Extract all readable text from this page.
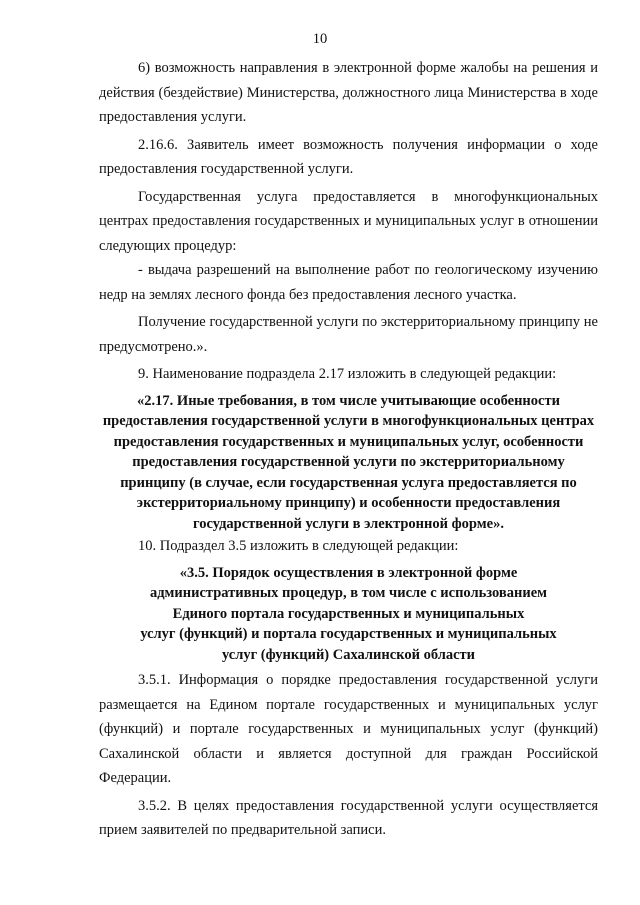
10

6) возможность направления в электронной форме жалобы на решения и действия (бездействие) Министерства, должностного лица Министерства в ходе предоставления услуги.

2.16.6. Заявитель имеет возможность получения информации о ходе предоставления государственной услуги.

Государственная услуга предоставляется в многофункциональных центрах предоставления государственных и муниципальных услуг в отношении следующих процедур:

- выдача разрешений на выполнение работ по геологическому изучению недр на землях лесного фонда без предоставления лесного участка.

Получение государственной услуги по экстерриториальному принципу не предусмотрено.».

9. Наименование подраздела 2.17 изложить в следующей редакции:

«2.17. Иные требования, в том числе учитывающие особенности предоставления государственной услуги в многофункциональных центрах предоставления государственных и муниципальных услуг, особенности предоставления государственной услуги по экстерриториальному принципу (в случае, если государственная услуга предоставляется по экстерриториальному принципу) и особенности предоставления государственной услуги в электронной форме».

10. Подраздел 3.5 изложить в следующей редакции:

«3.5. Порядок осуществления в электронной форме
административных процедур, в том числе с использованием
Единого портала государственных и муниципальных
услуг (функций) и портала государственных и муниципальных
услуг (функций) Сахалинской области

3.5.1. Информация о порядке предоставления государственной услуги размещается на Едином портале государственных и муниципальных услуг (функций) и портале государственных и муниципальных услуг (функций) Сахалинской области и является доступной для граждан Российской Федерации.

3.5.2. В целях предоставления государственной услуги осуществляется прием заявителей по предварительной записи.
